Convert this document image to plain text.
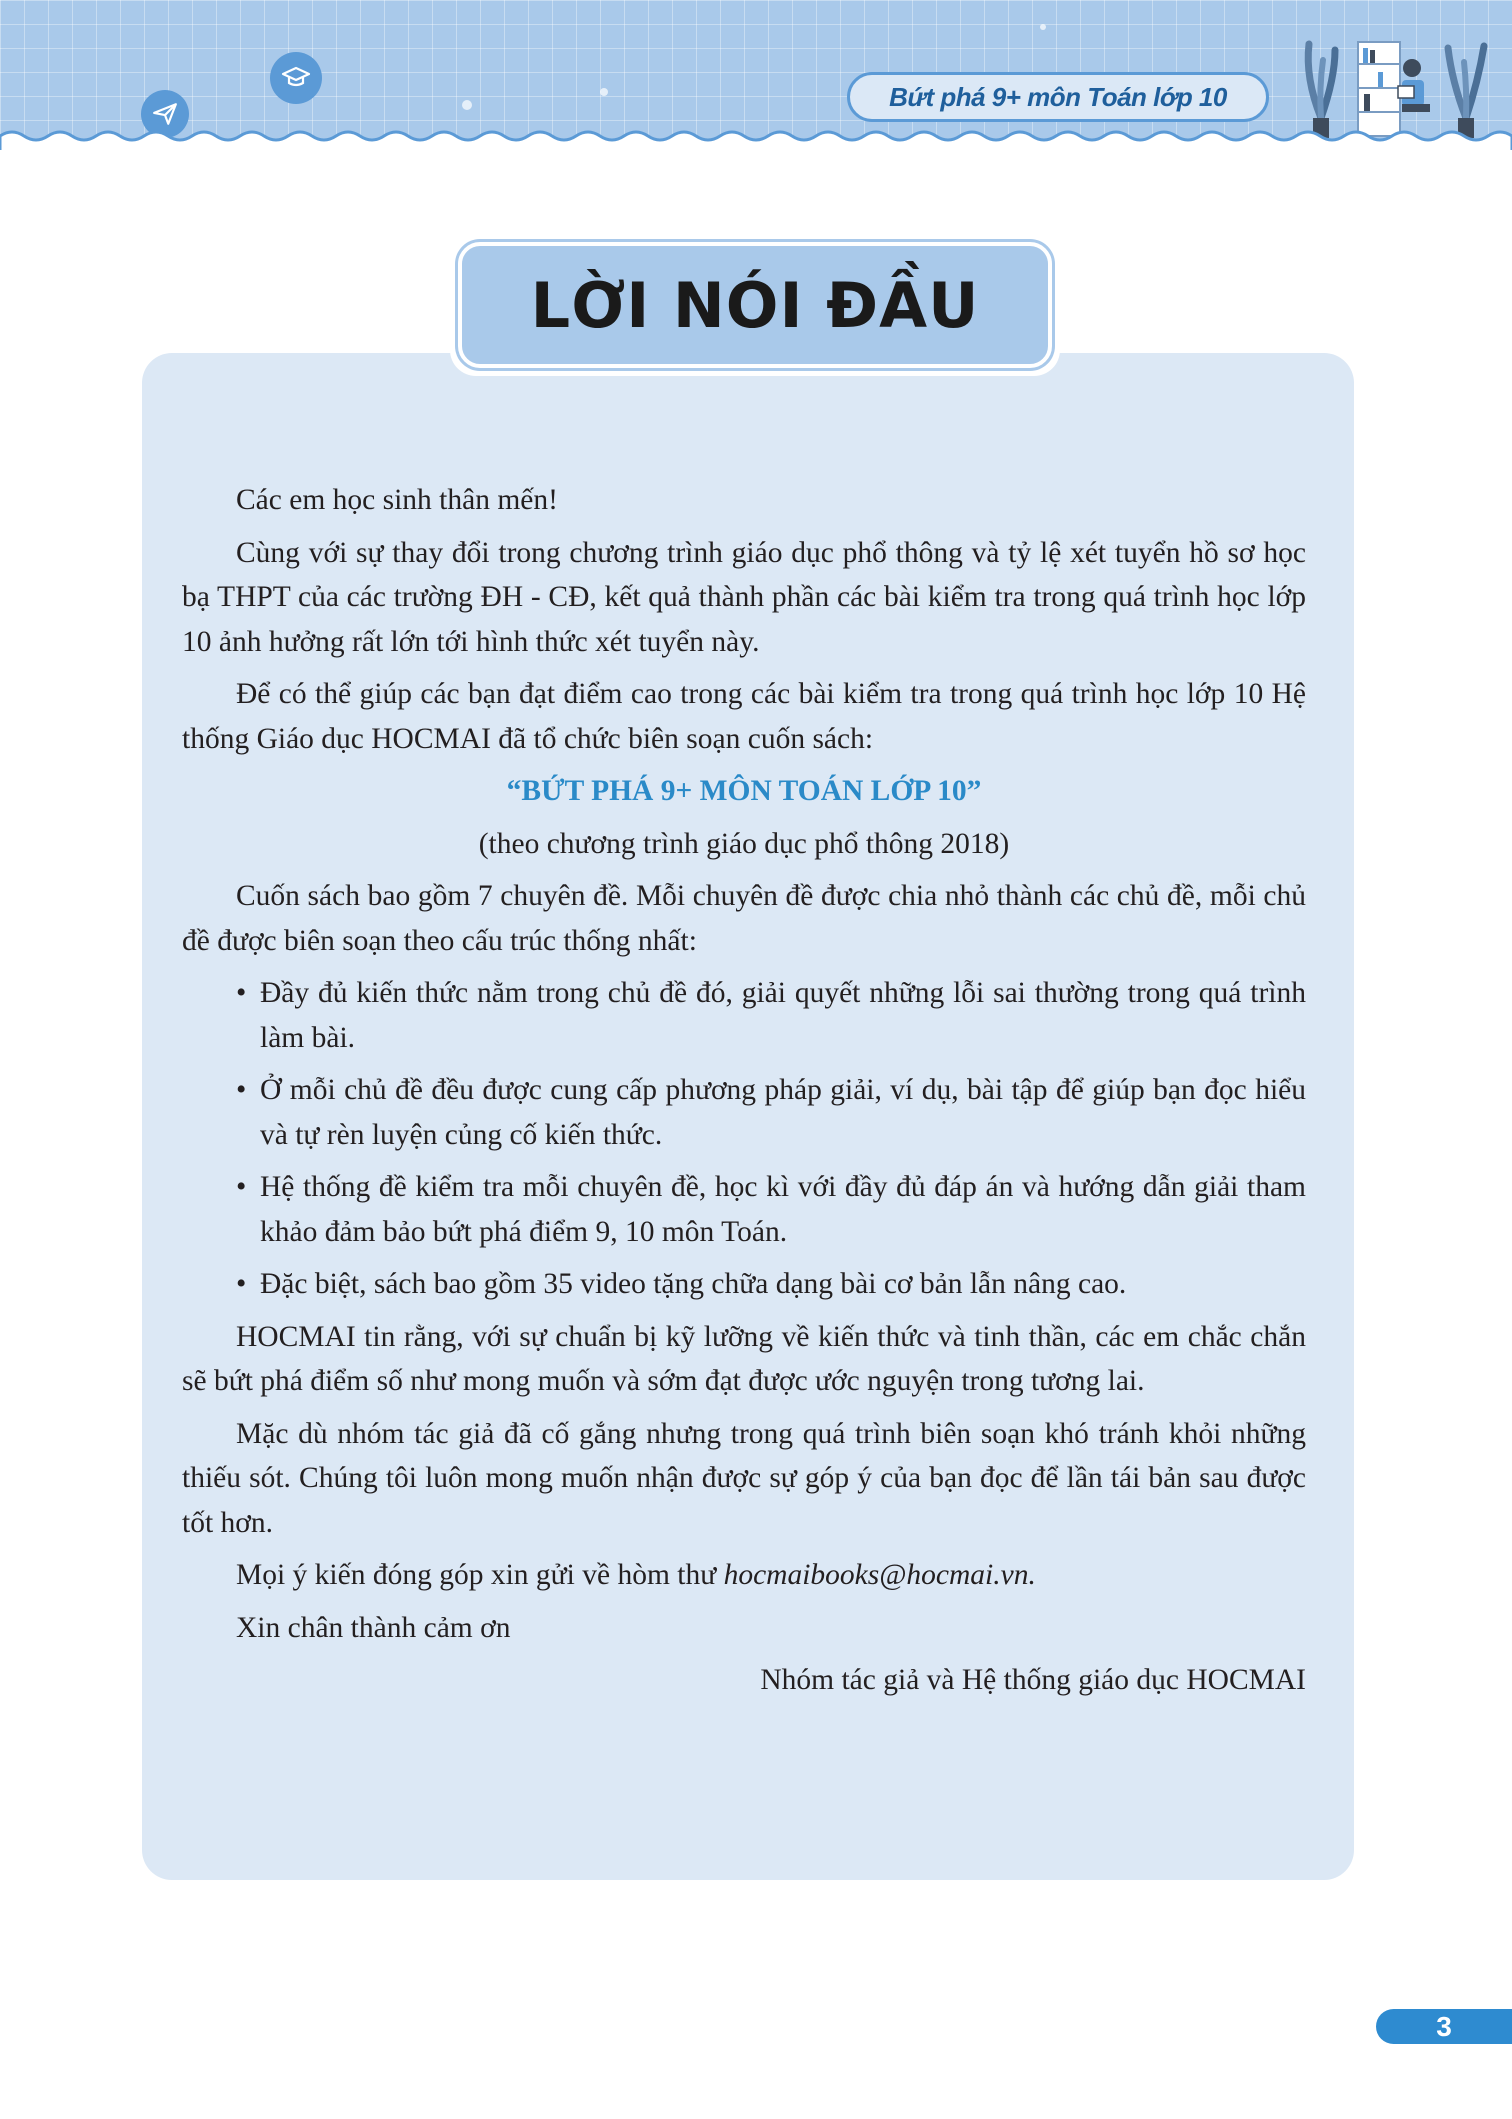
Bứt phá 9+ môn Toán lớp 10
LỜI NÓI ĐẦU

Các em học sinh thân mến!

Cùng với sự thay đổi trong chương trình giáo dục phổ thông và tỷ lệ xét tuyển hồ sơ học bạ THPT của các trường ĐH - CĐ, kết quả thành phần các bài kiểm tra trong quá trình học lớp 10 ảnh hưởng rất lớn tới hình thức xét tuyển này.

Để có thể giúp các bạn đạt điểm cao trong các bài kiểm tra trong quá trình học lớp 10 Hệ thống Giáo dục HOCMAI đã tổ chức biên soạn cuốn sách:

“BỨT PHÁ 9+ MÔN TOÁN LỚP 10”

(theo chương trình giáo dục phổ thông 2018)

Cuốn sách bao gồm 7 chuyên đề. Mỗi chuyên đề được chia nhỏ thành các chủ đề, mỗi chủ đề được biên soạn theo cấu trúc thống nhất:

• Đầy đủ kiến thức nằm trong chủ đề đó, giải quyết những lỗi sai thường trong quá trình làm bài.
• Ở mỗi chủ đề đều được cung cấp phương pháp giải, ví dụ, bài tập để giúp bạn đọc hiểu và tự rèn luyện củng cố kiến thức.
• Hệ thống đề kiểm tra mỗi chuyên đề, học kì với đầy đủ đáp án và hướng dẫn giải tham khảo đảm bảo bứt phá điểm 9, 10 môn Toán.
• Đặc biệt, sách bao gồm 35 video tặng chữa dạng bài cơ bản lẫn nâng cao.

HOCMAI tin rằng, với sự chuẩn bị kỹ lưỡng về kiến thức và tinh thần, các em chắc chắn sẽ bứt phá điểm số như mong muốn và sớm đạt được ước nguyện trong tương lai.

Mặc dù nhóm tác giả đã cố gắng nhưng trong quá trình biên soạn khó tránh khỏi những thiếu sót. Chúng tôi luôn mong muốn nhận được sự góp ý của bạn đọc để lần tái bản sau được tốt hơn.

Mọi ý kiến đóng góp xin gửi về hòm thư hocmaibooks@hocmai.vn.

Xin chân thành cảm ơn

Nhóm tác giả và Hệ thống giáo dục HOCMAI

3
